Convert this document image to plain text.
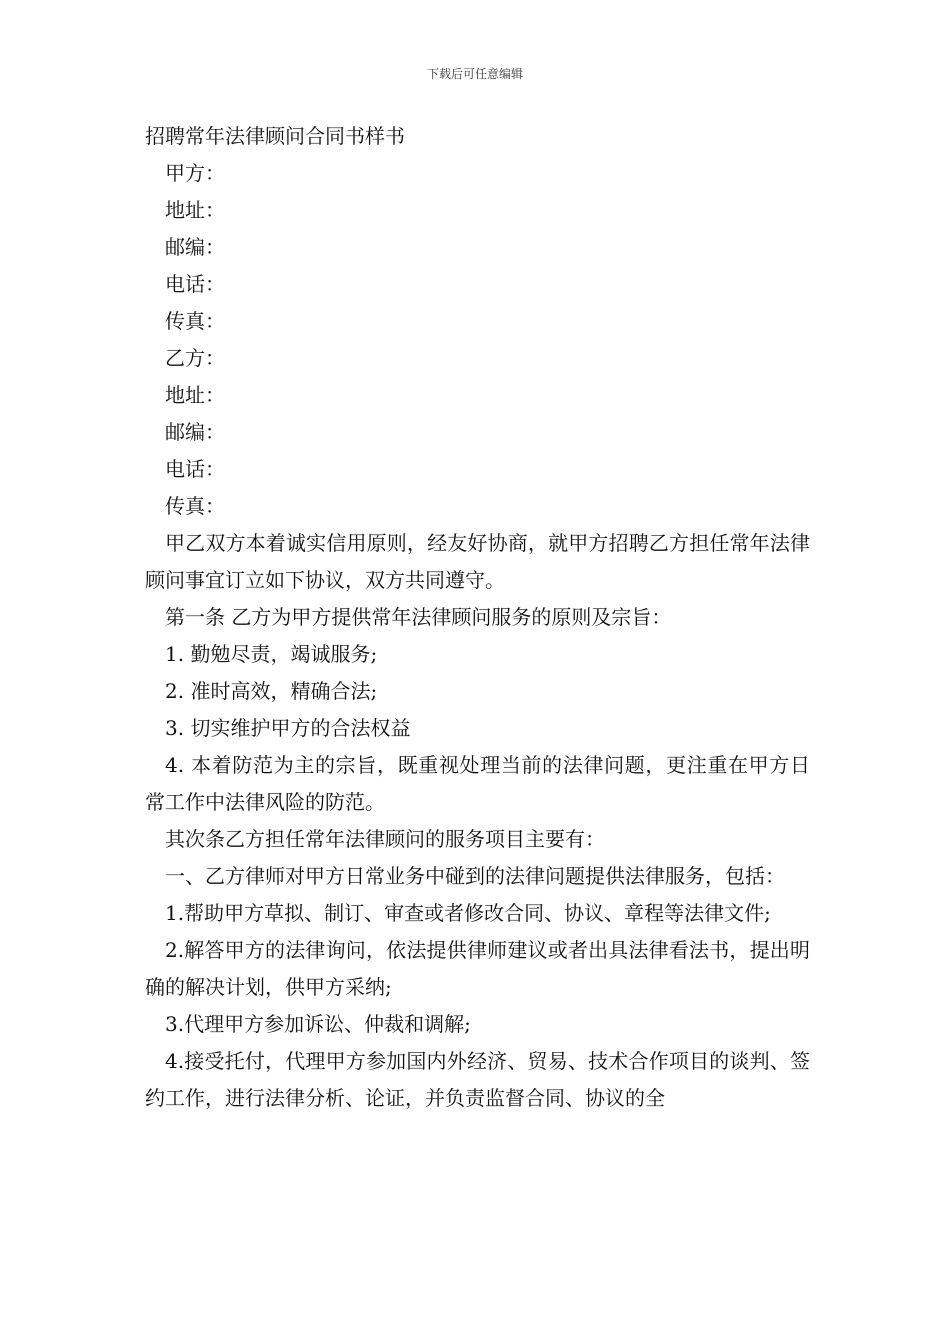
下载后可任意编辑

招聘常年法律顾问合同书样书

甲方：

地址：

邮编：

电话：

传真：

乙方：

地址：

邮编：

电话：

传真：

甲乙双方本着诚实信用原则，经友好协商，就甲方招聘乙方担任常年法律顾问事宜订立如下协议，双方共同遵守。

第一条 乙方为甲方提供常年法律顾问服务的原则及宗旨：

1. 勤勉尽责，竭诚服务;

2. 准时高效，精确合法;

3. 切实维护甲方的合法权益

4. 本着防范为主的宗旨，既重视处理当前的法律问题，更注重在甲方日常工作中法律风险的防范。

其次条乙方担任常年法律顾问的服务项目主要有：

一、乙方律师对甲方日常业务中碰到的法律问题提供法律服务，包括：

1.帮助甲方草拟、制订、审查或者修改合同、协议、章程等法律文件;

2.解答甲方的法律询问，依法提供律师建议或者出具法律看法书，提出明确的解决计划，供甲方采纳;

3.代理甲方参加诉讼、仲裁和调解;

4.接受托付，代理甲方参加国内外经济、贸易、技术合作项目的谈判、签约工作，进行法律分析、论证，并负责监督合同、协议的全
